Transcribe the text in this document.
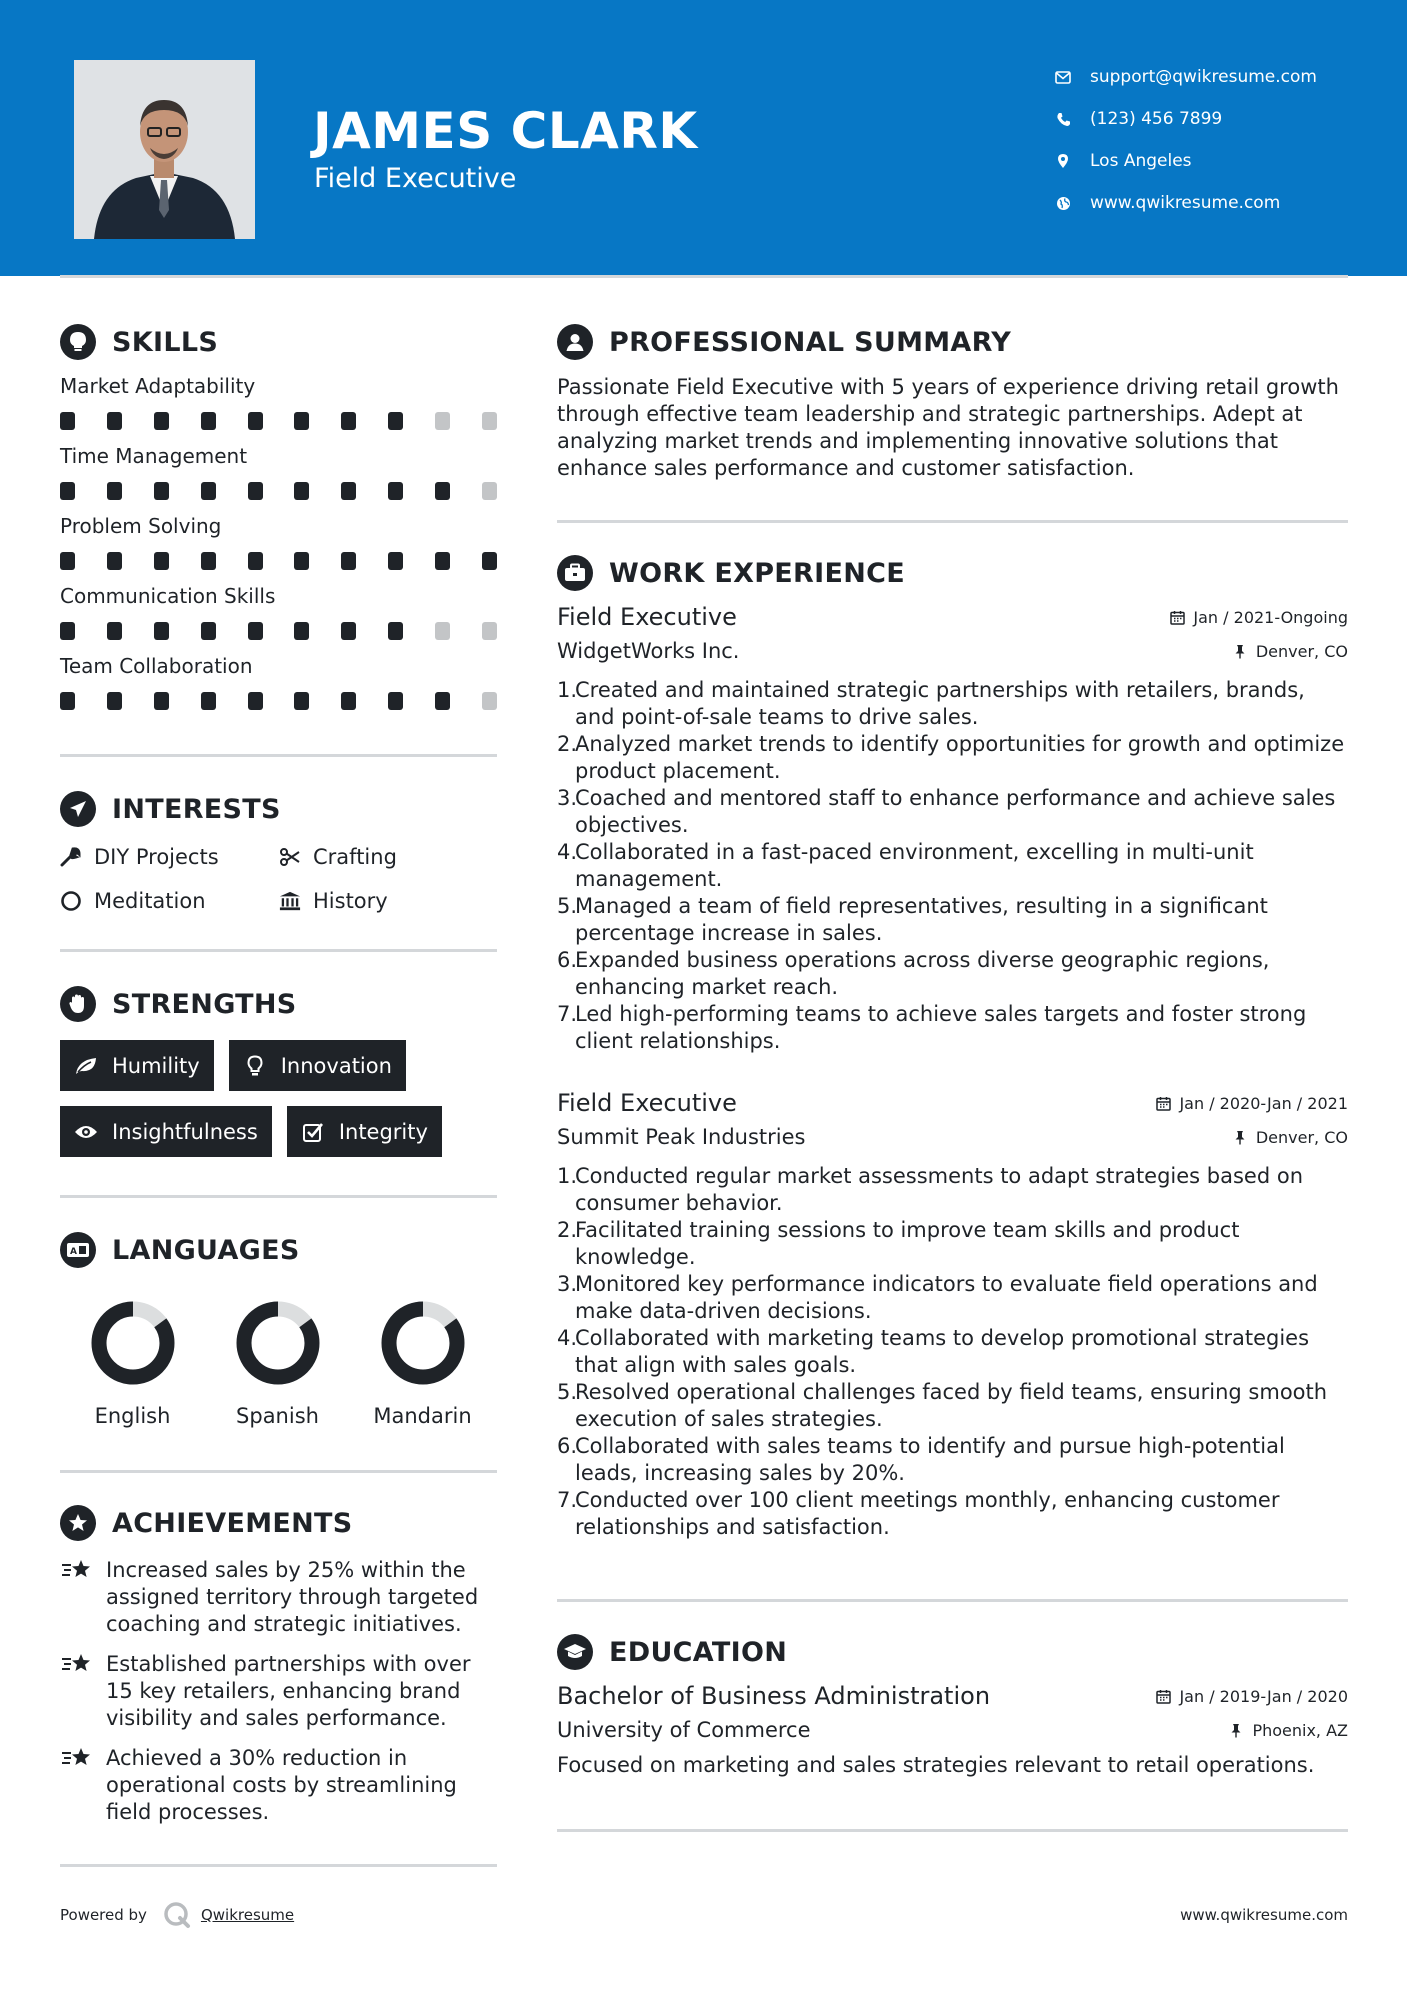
JAMES CLARK
Field Executive
support@qwikresume.com
(123) 456 7899
Los Angeles
www.qwikresume.com
SKILLS
Market Adaptability
Time Management
Problem Solving
Communication Skills
Team Collaboration
INTERESTS
DIY Projects	Crafting
Meditation	History
STRENGTHS
Humility	Innovation
Insightfulness	Integrity
A LANGUAGES
English	Spanish	Mandarin
ACHIEVEMENTS
Increased sales by 25% within the assigned territory through targeted coaching and strategic initiatives.
Established partnerships with over 15 key retailers, enhancing brand visibility and sales performance.
Achieved a 30% reduction in operational costs by streamlining field processes.
PROFESSIONAL SUMMARY

Passionate Field Executive with 5 years of experience driving retail growth through effective team leadership and strategic partnerships. Adept at analyzing market trends and implementing innovative solutions that enhance sales performance and customer satisfaction.

WORK EXPERIENCE
Field Executive	Jan / 2021-Ongoing
WidgetWorks Inc.	Denver, CO
1.
Created and maintained strategic partnerships with retailers, brands, and point-of-sale teams to drive sales.
2.
Analyzed market trends to identify opportunities for growth and optimize product placement.
3.
Coached and mentored staff to enhance performance and achieve sales objectives.
4.
Collaborated in a fast-paced environment, excelling in multi-unit management.
5.
Managed a team of field representatives, resulting in a significant percentage increase in sales.
6.
Expanded business operations across diverse geographic regions, enhancing market reach.
7.
Led high-performing teams to achieve sales targets and foster strong client relationships.
Field Executive	Jan / 2020-Jan / 2021
Summit Peak Industries	Denver, CO
1.
Conducted regular market assessments to adapt strategies based on consumer behavior.
2.
Facilitated training sessions to improve team skills and product knowledge.
3.
Monitored key performance indicators to evaluate field operations and make data-driven decisions.
4.
Collaborated with marketing teams to develop promotional strategies that align with sales goals.
5.
Resolved operational challenges faced by field teams, ensuring smooth execution of sales strategies.
6.
Collaborated with sales teams to identify and pursue high-potential leads, increasing sales by 20%.
7.
Conducted over 100 client meetings monthly, enhancing customer relationships and satisfaction.
EDUCATION
Bachelor of Business Administration	Jan / 2019-Jan / 2020
University of Commerce	Phoenix, AZ

Focused on marketing and sales strategies relevant to retail operations.

Powered by	Qwikresume	www.qwikresume.com
